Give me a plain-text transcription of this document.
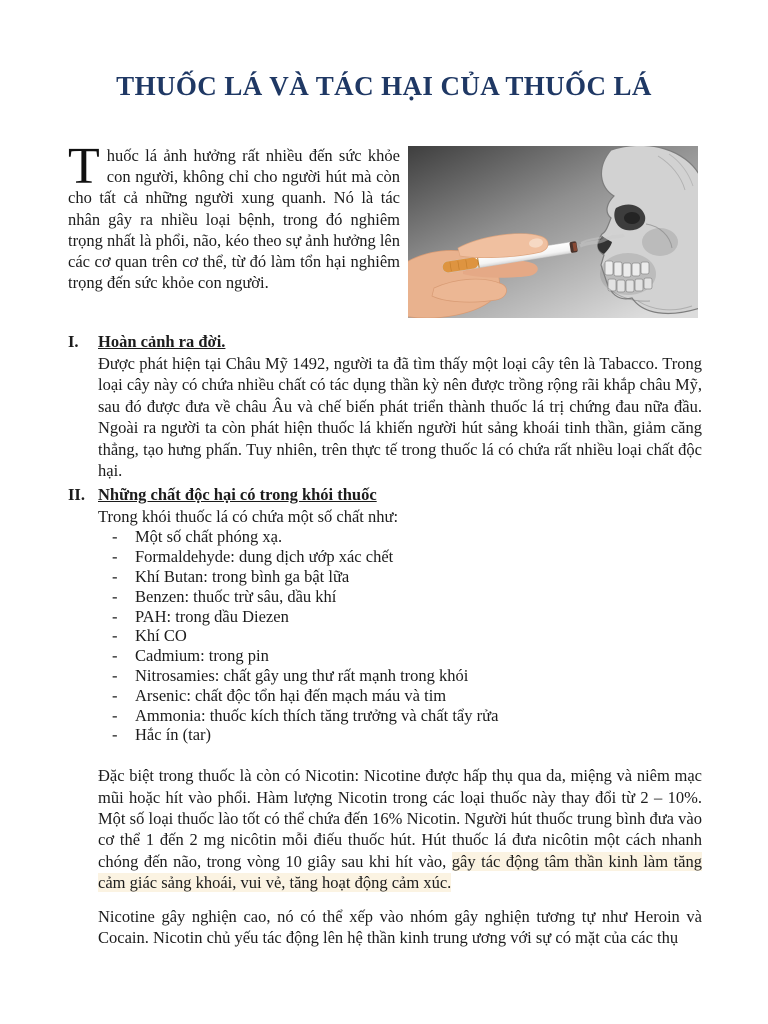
THUỐC LÁ VÀ TÁC HẠI CỦA THUỐC LÁ
Thuốc lá ảnh hưởng rất nhiều đến sức khỏe con người, không chỉ cho người hút mà còn cho tất cả những người xung quanh. Nó là tác nhân gây ra nhiều loại bệnh, trong đó nghiêm trọng nhất là phổi, não, kéo theo sự ảnh hưởng lên các cơ quan trên cơ thể, từ đó làm tổn hại nghiêm trọng đến sức khỏe con người.
I.	Hoàn cảnh ra đời.
Được phát hiện tại Châu Mỹ 1492, người ta đã tìm thấy một loại cây tên là Tabacco. Trong loại cây này có chứa nhiều chất có tác dụng thần kỳ nên được trồng rộng rãi khắp châu Mỹ, sau đó được đưa về châu Âu và chế biến phát triển thành thuốc lá trị chứng đau nữa đầu. Ngoài ra người ta còn phát hiện thuốc lá khiến người hút sảng khoái tinh thần, giảm căng thẳng, tạo hưng phấn. Tuy nhiên, trên thực tế trong thuốc lá có chứa rất nhiều loại chất độc hại.
II. Những chất độc hại có trong khói thuốc
Trong khói thuốc lá có chứa một số chất như:
-	Một số chất phóng xạ.
-	Formaldehyde: dung dịch ướp xác chết
-	Khí Butan: trong bình ga bật lữa
-	Benzen: thuốc trừ sâu, dầu khí
-	PAH: trong dầu Diezen
-	Khí CO
-	Cadmium: trong pin
-	Nitrosamies: chất gây ung thư rất mạnh trong khói
-	Arsenic: chất độc tổn hại đến mạch máu và tim
-	Ammonia: thuốc kích thích tăng trưởng và chất tẩy rửa
-	Hắc ín (tar)
Đặc biệt trong thuốc là còn có Nicotin: Nicotine được hấp thụ qua da, miệng và niêm mạc mũi hoặc hít vào phổi. Hàm lượng Nicotin trong các loại thuốc này thay đổi từ 2 – 10%. Một số loại thuốc lào tốt có thể chứa đến 16% Nicotin. Người hút thuốc trung bình đưa vào cơ thể 1 đến 2 mg nicôtin mỗi điếu thuốc hút. Hút thuốc lá đưa nicôtin một cách nhanh chóng đến não, trong vòng 10 giây sau khi hít vào, gây tác động tâm thần kinh làm tăng cảm giác sảng khoái, vui vẻ, tăng hoạt động cảm xúc.
Nicotine gây nghiện cao, nó có thể xếp vào nhóm gây nghiện tương tự như Heroin và Cocain. Nicotin chủ yếu tác động lên hệ thần kinh trung ương với sự có mặt của các thụ
